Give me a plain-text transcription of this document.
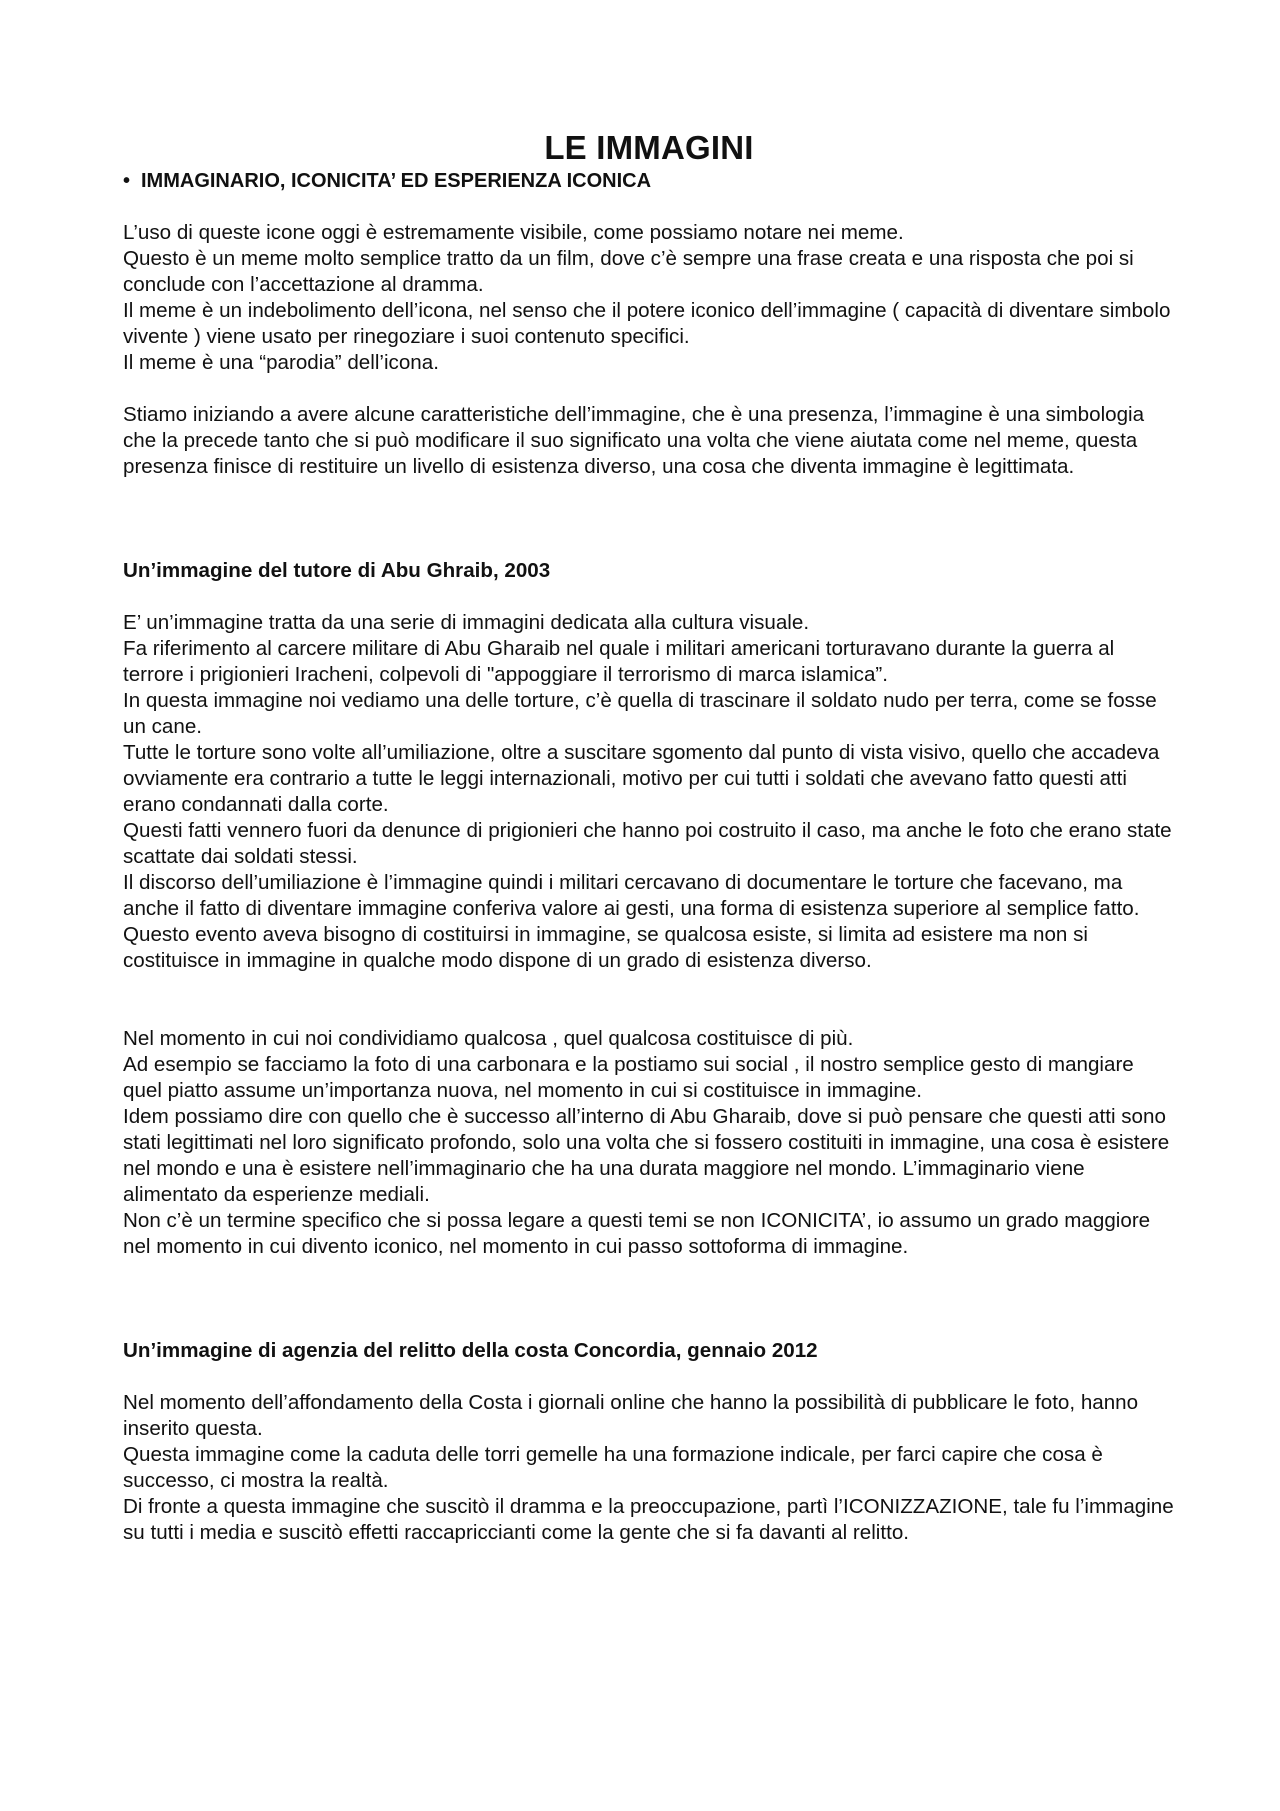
LE IMMAGINI
• IMMAGINARIO, ICONICITA’ ED ESPERIENZA ICONICA

L’uso di queste icone oggi è estremamente visibile, come possiamo notare nei meme.

Questo è un meme molto semplice tratto da un film, dove c’è sempre una frase creata e una risposta che poi si conclude con l’accettazione al dramma.

Il meme è un indebolimento dell’icona, nel senso che il potere iconico dell’immagine ( capacità di diventare simbolo vivente ) viene usato per rinegoziare i suoi contenuto specifici.

Il meme è una “parodia” dell’icona.

Stiamo iniziando a avere alcune caratteristiche dell’immagine, che è una presenza, l’immagine è una simbologia che la precede tanto che si può modificare il suo significato una volta che viene aiutata come nel meme, questa presenza finisce di restituire un livello di esistenza diverso, una cosa che diventa immagine è legittimata.

Un’immagine del tutore di Abu Ghraib, 2003

E’ un’immagine tratta da una serie di immagini dedicata alla cultura visuale.

Fa riferimento al carcere militare di Abu Gharaib nel quale i militari americani torturavano durante la guerra al terrore i prigionieri Iracheni, colpevoli di "appoggiare il terrorismo di marca islamica”.

In questa immagine noi vediamo una delle torture, c’è quella di trascinare il soldato nudo per terra, come se fosse un cane.

Tutte le torture sono volte all’umiliazione, oltre a suscitare sgomento dal punto di vista visivo, quello che accadeva ovviamente era contrario a tutte le leggi internazionali, motivo per cui tutti i soldati che avevano fatto questi atti erano condannati dalla corte.

Questi fatti vennero fuori da denunce di prigionieri che hanno poi costruito il caso, ma anche le foto che erano state scattate dai soldati stessi.

Il discorso dell’umiliazione è l’immagine quindi i militari cercavano di documentare le torture che facevano, ma anche il fatto di diventare immagine conferiva valore ai gesti, una forma di esistenza superiore al semplice fatto.

Questo evento aveva bisogno di costituirsi in immagine, se qualcosa esiste, si limita ad esistere ma non si costituisce in immagine in qualche modo dispone di un grado di esistenza diverso.

Nel momento in cui noi condividiamo qualcosa , quel qualcosa costituisce di più.

Ad esempio se facciamo la foto di una carbonara e la postiamo sui social , il nostro semplice gesto di mangiare quel piatto assume un’importanza nuova, nel momento in cui si costituisce in immagine.

Idem possiamo dire con quello che è successo all’interno di Abu Gharaib, dove si può pensare che questi atti sono stati legittimati nel loro significato profondo, solo una volta che si fossero costituiti in immagine, una cosa è esistere nel mondo e una è esistere nell’immaginario che ha una durata maggiore nel mondo. L’immaginario viene alimentato da esperienze mediali.

Non c’è un termine specifico che si possa legare a questi temi se non ICONICITA’, io assumo un grado maggiore nel momento in cui divento iconico, nel momento in cui passo sottoforma di immagine.

Un’immagine di agenzia del relitto della costa Concordia, gennaio 2012

Nel momento dell’affondamento della Costa i giornali online che hanno la possibilità di pubblicare le foto, hanno inserito questa.

Questa immagine come la caduta delle torri gemelle ha una formazione indicale, per farci capire che cosa è successo, ci mostra la realtà.

Di fronte a questa immagine che suscitò il dramma e la preoccupazione, partì l’ICONIZZAZIONE, tale fu l’immagine su tutti i media e suscitò effetti raccapriccianti come la gente che si fa davanti al relitto.
